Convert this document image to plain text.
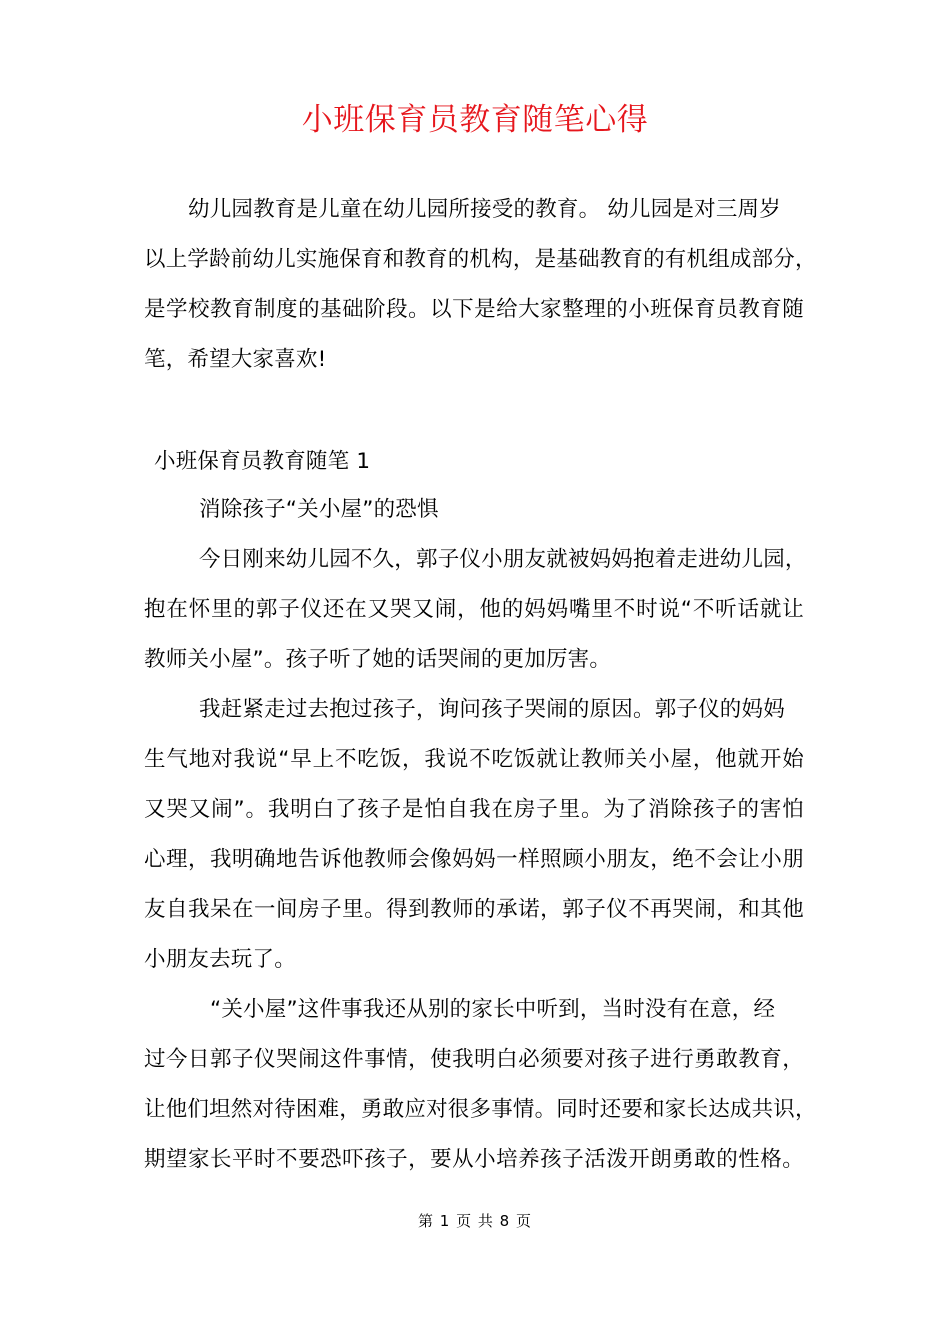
小班保育员教育随笔心得
幼儿园教育是儿童在幼儿园所接受的教育。 幼儿园是对三周岁
以上学龄前幼儿实施保育和教育的机构，是基础教育的有机组成部分，
是学校教育制度的基础阶段。以下是给大家整理的小班保育员教育随
笔，希望大家喜欢!
小班保育员教育随笔 1
消除孩子“关小屋”的恐惧
今日刚来幼儿园不久，郭子仪小朋友就被妈妈抱着走进幼儿园，
抱在怀里的郭子仪还在又哭又闹，他的妈妈嘴里不时说“不听话就让
教师关小屋”。孩子听了她的话哭闹的更加厉害。
我赶紧走过去抱过孩子，询问孩子哭闹的原因。郭子仪的妈妈
生气地对我说“早上不吃饭，我说不吃饭就让教师关小屋，他就开始
又哭又闹”。我明白了孩子是怕自我在房子里。为了消除孩子的害怕
心理，我明确地告诉他教师会像妈妈一样照顾小朋友，绝不会让小朋
友自我呆在一间房子里。得到教师的承诺，郭子仪不再哭闹，和其他
小朋友去玩了。
“关小屋”这件事我还从别的家长中听到，当时没有在意，经
过今日郭子仪哭闹这件事情，使我明白必须要对孩子进行勇敢教育，
让他们坦然对待困难，勇敢应对很多事情。同时还要和家长达成共识，
期望家长平时不要恐吓孩子，要从小培养孩子活泼开朗勇敢的性格。
第 1 页 共 8 页
